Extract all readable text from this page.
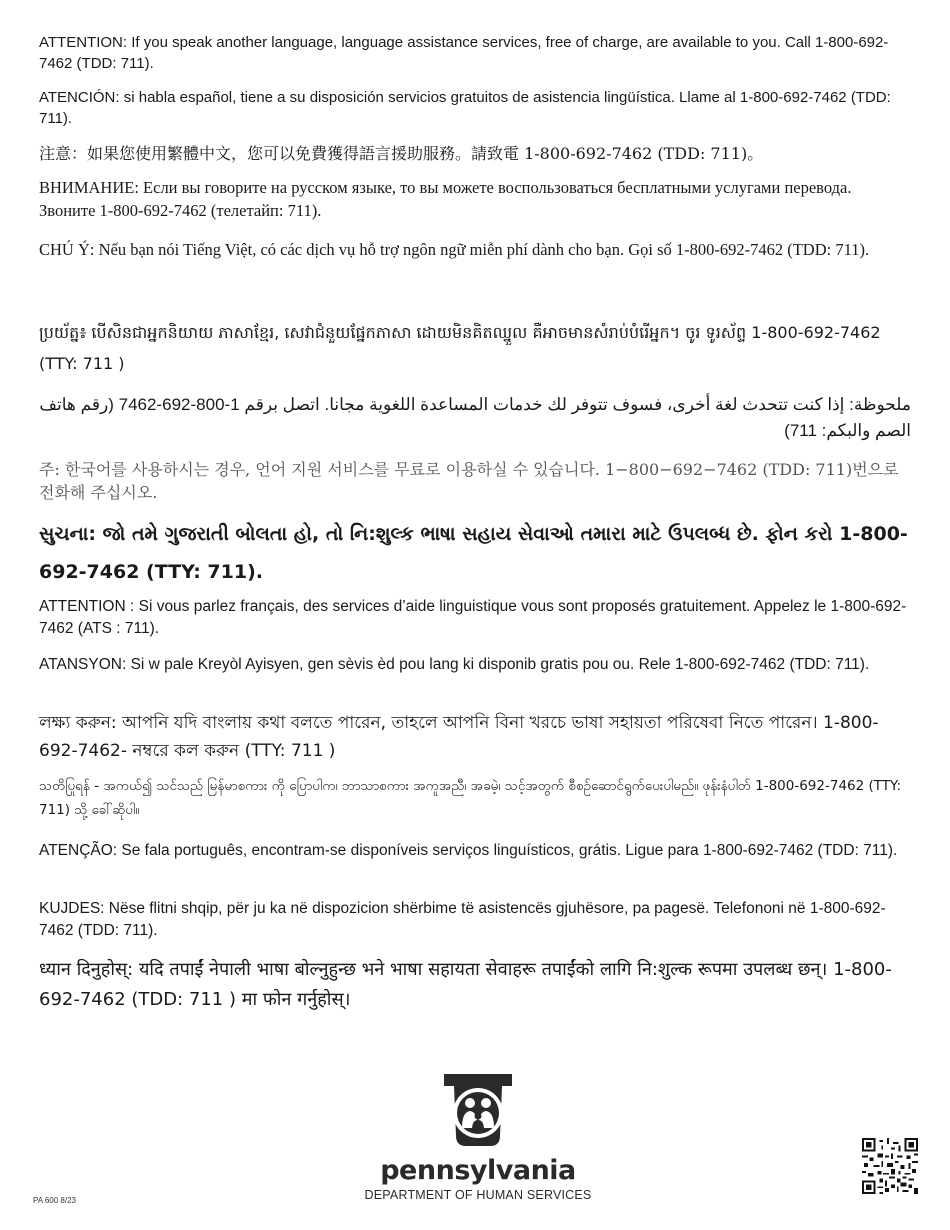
ATTENTION: If you speak another language, language assistance services, free of charge, are available to you. Call 1-800-692-7462 (TDD: 711).

ATENCIÓN: si habla español, tiene a su disposición servicios gratuitos de asistencia lingüística. Llame al 1-800-692-7462 (TDD: 711).

注意：如果您使用繁體中文，您可以免費獲得語言援助服務。請致電 1-800-692-7462 (TDD: 711)。

ВНИМАНИЕ: Если вы говорите на русском языке, то вы можете воспользоваться бесплатными услугами перевода. Звоните 1-800-692-7462 (телетайп: 711).

CHÚ Ý: Nếu bạn nói Tiếng Việt, có các dịch vụ hỗ trợ ngôn ngữ miễn phí dành cho bạn. Gọi số 1-800-692-7462 (TDD: 711).

ប្រយ័ត្ន៖ បើសិនជាអ្នកនិយាយ ភាសាខ្មែរ, សេវាជំនួយផ្នែកភាសា ដោយមិនគិតឈ្នួល គឺអាចមានសំរាប់បំរើអ្នក។ ចូរ ទូរស័ព្ទ 1-800-692-7462 (TTY: 711 )

ملحوظة: إذا كنت تتحدث لغة أخرى، فسوف تتوفر لك خدمات المساعدة اللغوية مجانا. اتصل برقم 1-800-692-7462 (رقم هاتف الصم والبكم: 711)

주: 한국어를 사용하시는 경우, 언어 지원 서비스를 무료로 이용하실 수 있습니다. 1−800−692−7462 (TDD: 711)번으로 전화해 주십시오.

સુચના: જો તમે ગુજરાતી બોલતા હો, તો નિ:શુલ્ક ભાષા સહાય સેવાઓ તમારા માટે ઉપલબ્ધ છે. ફોન કરો 1-800-692-7462 (TTY: 711).

ATTENTION : Si vous parlez français, des services d’aide linguistique vous sont proposés gratuitement. Appelez le 1-800-692-7462 (ATS : 711).

ATANSYON: Si w pale Kreyòl Ayisyen, gen sèvis èd pou lang ki disponib gratis pou ou. Rele 1-800-692-7462 (TDD: 711).

লক্ষ্য করুন: আপনি যদি বাংলায় কথা বলতে পারেন, তাহলে আপনি বিনা খরচে ভাষা সহায়তা পরিষেবা নিতে পারেন। 1-800-692-7462- নম্বরে কল করুন (TTY: 711 )

သတိပြုရန် - အကယ်၍ သင်သည် မြန်မာစကား ကို ပြောပါက၊ ဘာသာစကား အကူအညီ၊ အခမဲ့၊ သင့်အတွက် စီစဉ်ဆောင်ရွက်ပေးပါမည်။ ဖုန်းနံပါတ် 1-800-692-7462 (TTY: 711) သို့ ခေါ်ဆိုပါ။

ATENÇÃO: Se fala português, encontram-se disponíveis serviços linguísticos, grátis. Ligue para 1-800-692-7462 (TDD: 711).

KUJDES: Nëse flitni shqip, për ju ka në dispozicion shërbime të asistencës gjuhësore, pa pagesë. Telefononi në 1-800-692-7462 (TDD: 711).

ध्यान दिनुहोस्: यदि तपाईं नेपाली भाषा बोल्नुहुन्छ भने भाषा सहायता सेवाहरू तपाईंको लागि नि:शुल्क रूपमा उपलब्ध छन्। 1-800-692-7462 (TDD: 711 ) मा फोन गर्नुहोस्।

pennsylvania
DEPARTMENT OF HUMAN SERVICES
PA 600 8/23
